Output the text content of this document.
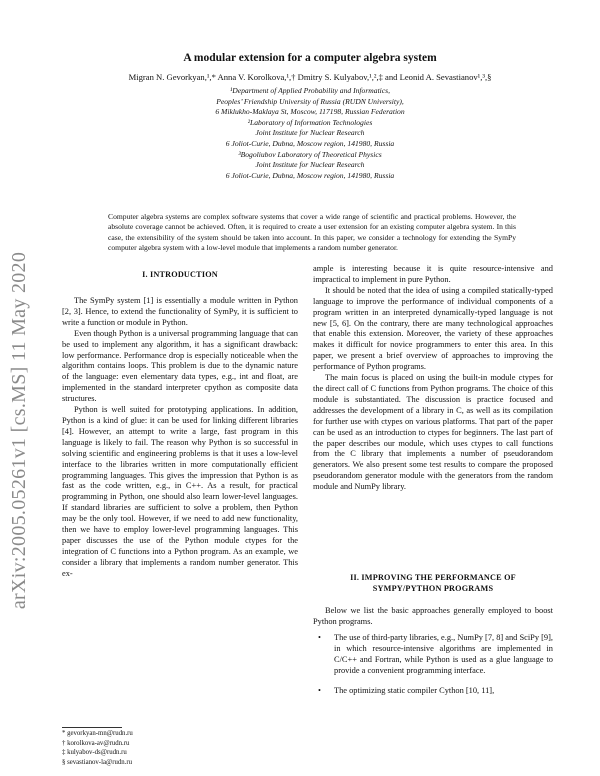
arXiv:2005.05261v1 [cs.MS] 11 May 2020
A modular extension for a computer algebra system
Migran N. Gevorkyan,¹,* Anna V. Korolkova,¹,† Dmitry S. Kulyabov,¹,²,‡ and Leonid A. Sevastianov¹,³,§
¹Department of Applied Probability and Informatics,
Peoples’ Friendship University of Russia (RUDN University),
6 Miklukho-Maklaya St, Moscow, 117198, Russian Federation
²Laboratory of Information Technologies
Joint Institute for Nuclear Research
6 Joliot-Curie, Dubna, Moscow region, 141980, Russia
³Bogoliubov Laboratory of Theoretical Physics
Joint Institute for Nuclear Research
6 Joliot-Curie, Dubna, Moscow region, 141980, Russia
Computer algebra systems are complex software systems that cover a wide range of scientific and practical problems. However, the absolute coverage cannot be achieved. Often, it is required to create a user extension for an existing computer algebra system. In this case, the extensibility of the system should be taken into account. In this paper, we consider a technology for extending the SymPy computer algebra system with a low-level module that implements a random number generator.
I. INTRODUCTION

The SymPy system [1] is essentially a module written in Python [2, 3]. Hence, to extend the functionality of SymPy, it is sufficient to write a function or module in Python.

Even though Python is a universal programming language that can be used to implement any algorithm, it has a significant drawback: low performance. Performance drop is especially noticeable when the algorithm contains loops. This problem is due to the dynamic nature of the language: even elementary data types, e.g., int and float, are implemented in the standard interpreter cpython as composite data structures.

Python is well suited for prototyping applications. In addition, Python is a kind of glue: it can be used for linking different libraries [4]. However, an attempt to write a large, fast program in this language is likely to fail. The reason why Python is so successful in solving scientific and engineering problems is that it uses a low-level interface to the libraries written in more computationally efficient programming languages. This gives the impression that Python is as fast as the code written, e.g., in C++. As a result, for practical programming in Python, one should also learn lower-level languages. If standard libraries are sufficient to solve a problem, then Python may be the only tool. However, if we need to add new functionality, then we have to employ lower-level programming languages. This paper discusses the use of the Python module ctypes for the integration of C functions into a Python program. As an example, we consider a library that implements a random number generator. This ex-

ample is interesting because it is quite resource-intensive and impractical to implement in pure Python.

It should be noted that the idea of using a compiled statically-typed language to improve the performance of individual components of a program written in an interpreted dynamically-typed language is not new [5, 6]. On the contrary, there are many technological approaches that enable this extension. Moreover, the variety of these approaches makes it difficult for novice programmers to enter this area. In this paper, we present a brief overview of approaches to improving the performance of Python programs.

The main focus is placed on using the built-in module ctypes for the direct call of C functions from Python programs. The choice of this module is substantiated. The discussion is practice focused and addresses the development of a library in C, as well as its compilation for further use with ctypes on various platforms. That part of the paper can be used as an introduction to ctypes for beginners. The last part of the paper describes our module, which uses ctypes to call functions from the C library that implements a number of pseudorandom generators. We also present some test results to compare the proposed pseudorandom generator module with the generators from the random module and NumPy library.

II. IMPROVING THE PERFORMANCE OF
SYMPY/PYTHON PROGRAMS

Below we list the basic approaches generally employed to boost Python programs.

• The use of third-party libraries, e.g., NumPy [7, 8] and SciPy [9], in which resource-intensive algorithms are implemented in C/C++ and Fortran, while Python is used as a glue language to provide a convenient programming interface.
• The optimizing static compiler Cython [10, 11],
* gevorkyan-mn@rudn.ru
† korolkova-av@rudn.ru
‡ kulyabov-ds@rudn.ru
§ sevastianov-la@rudn.ru
